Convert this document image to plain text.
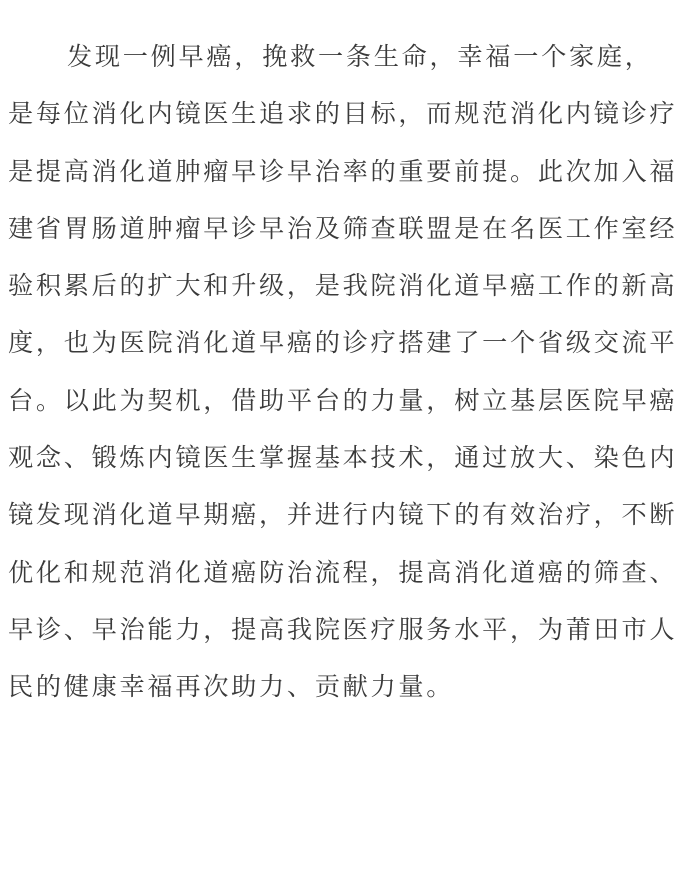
发现一例早癌，挽救一条生命，幸福一个家庭，
是每位消化内镜医生追求的目标，而规范消化内镜诊疗
是提高消化道肿瘤早诊早治率的重要前提。此次加入福
建省胃肠道肿瘤早诊早治及筛查联盟是在名医工作室经
验积累后的扩大和升级，是我院消化道早癌工作的新高
度，也为医院消化道早癌的诊疗搭建了一个省级交流平
台。以此为契机，借助平台的力量，树立基层医院早癌
观念、锻炼内镜医生掌握基本技术，通过放大、染色内
镜发现消化道早期癌，并进行内镜下的有效治疗，不断
优化和规范消化道癌防治流程，提高消化道癌的筛查、
早诊、早治能力，提高我院医疗服务水平，为莆田市人
民的健康幸福再次助力、贡献力量。
